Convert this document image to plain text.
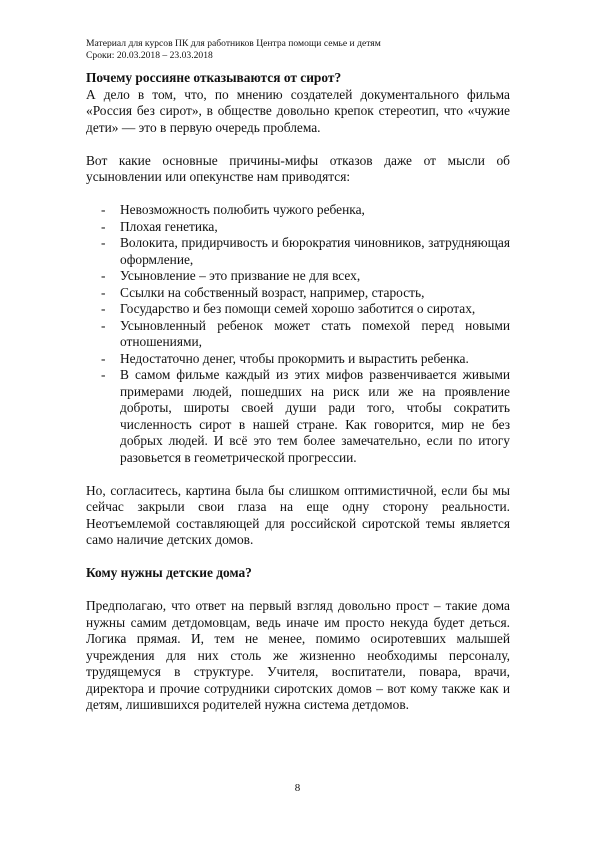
Материал для курсов ПК для работников Центра помощи семье и детям
Сроки: 20.03.2018 – 23.03.2018

Почему россияне отказываются от сирот?

А дело в том, что, по мнению создателей документального фильма «Россия без сирот», в обществе довольно крепок стереотип, что «чужие дети» — это в первую очередь проблема.

Вот какие основные причины-мифы отказов даже от мысли об усыновлении или опекунстве нам приводятся:

- Невозможность полюбить чужого ребенка,
- Плохая генетика,
- Волокита, придирчивость и бюрократия чиновников, затрудняющая оформление,
- Усыновление – это призвание не для всех,
- Ссылки на собственный возраст, например, старость,
- Государство и без помощи семей хорошо заботится о сиротах,
- Усыновленный ребенок может стать помехой перед новыми отношениями,
- Недостаточно денег, чтобы прокормить и вырастить ребенка.
- В самом фильме каждый из этих мифов развенчивается живыми примерами людей, пошедших на риск или же на проявление доброты, широты своей души ради того, чтобы сократить численность сирот в нашей стране. Как говорится, мир не без добрых людей. И всё это тем более замечательно, если по итогу разовьется в геометрической прогрессии.

Но, согласитесь, картина была бы слишком оптимистичной, если бы мы сейчас закрыли свои глаза на еще одну сторону реальности. Неотъемлемой составляющей для российской сиротской темы является само наличие детских домов.

Кому нужны детские дома?

Предполагаю, что ответ на первый взгляд довольно прост – такие дома нужны самим детдомовцам, ведь иначе им просто некуда будет деться. Логика прямая. И, тем не менее, помимо осиротевших малышей учреждения для них столь же жизненно необходимы персоналу, трудящемуся в структуре. Учителя, воспитатели, повара, врачи, директора и прочие сотрудники сиротских домов – вот кому также как и детям, лишившихся родителей нужна система детдомов.

8
